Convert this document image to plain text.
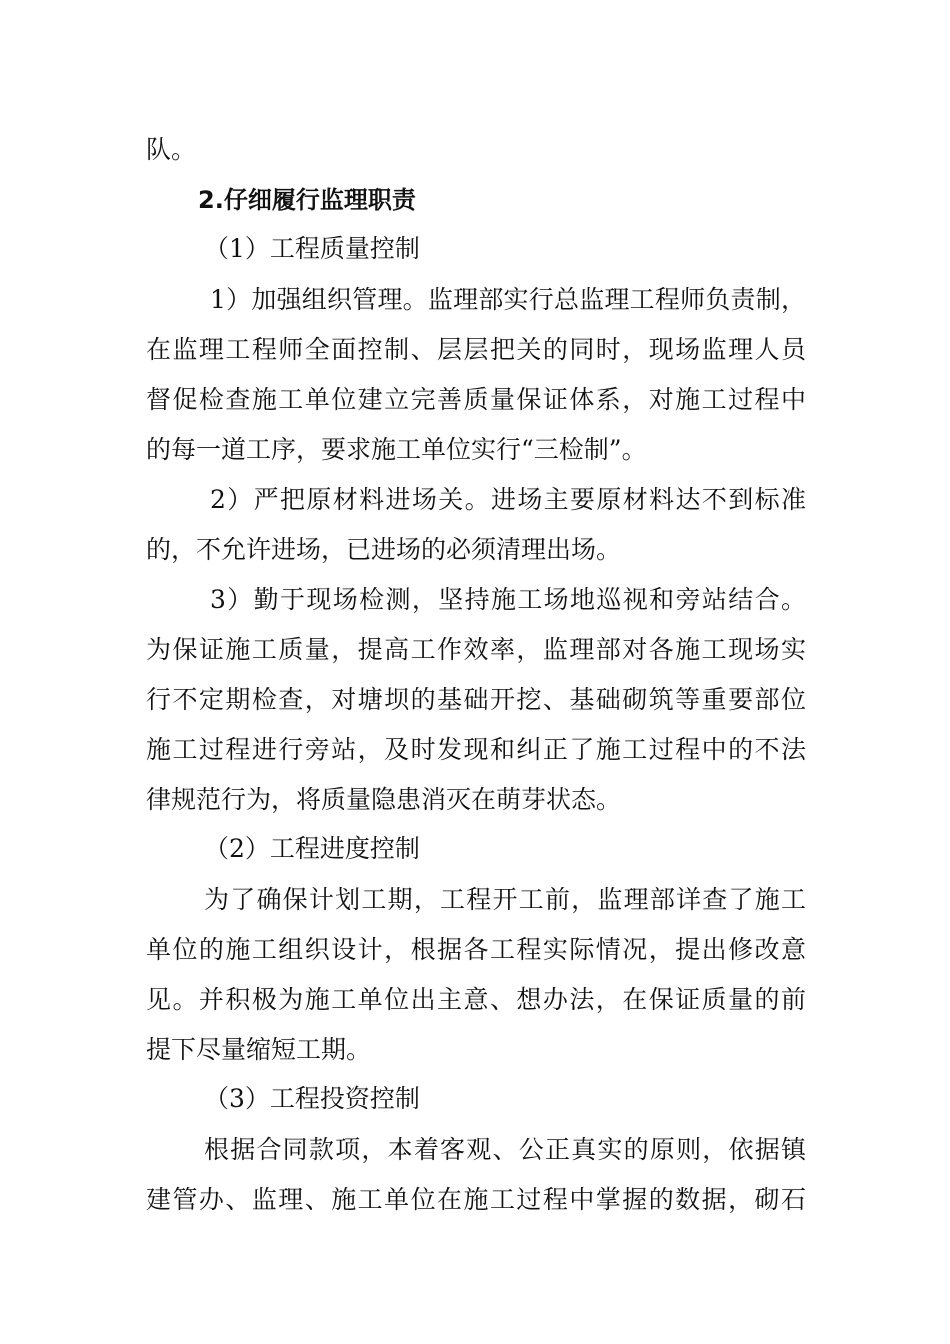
队。
2.仔细履行监理职责
（1）工程质量控制
1）加强组织管理。监理部实行总监理工程师负责制，
在监理工程师全面控制、层层把关的同时，现场监理人员
督促检查施工单位建立完善质量保证体系，对施工过程中
的每一道工序，要求施工单位实行“三检制”。
2）严把原材料进场关。进场主要原材料达不到标准
的，不允许进场，已进场的必须清理出场。
3）勤于现场检测，坚持施工场地巡视和旁站结合。
为保证施工质量，提高工作效率，监理部对各施工现场实
行不定期检查，对塘坝的基础开挖、基础砌筑等重要部位
施工过程进行旁站，及时发现和纠正了施工过程中的不法
律规范行为，将质量隐患消灭在萌芽状态。
（2）工程进度控制
为了确保计划工期，工程开工前，监理部详查了施工
单位的施工组织设计，根据各工程实际情况，提出修改意
见。并积极为施工单位出主意、想办法，在保证质量的前
提下尽量缩短工期。
（3）工程投资控制
根据合同款项，本着客观、公正真实的原则，依据镇
建管办、监理、施工单位在施工过程中掌握的数据，砌石
